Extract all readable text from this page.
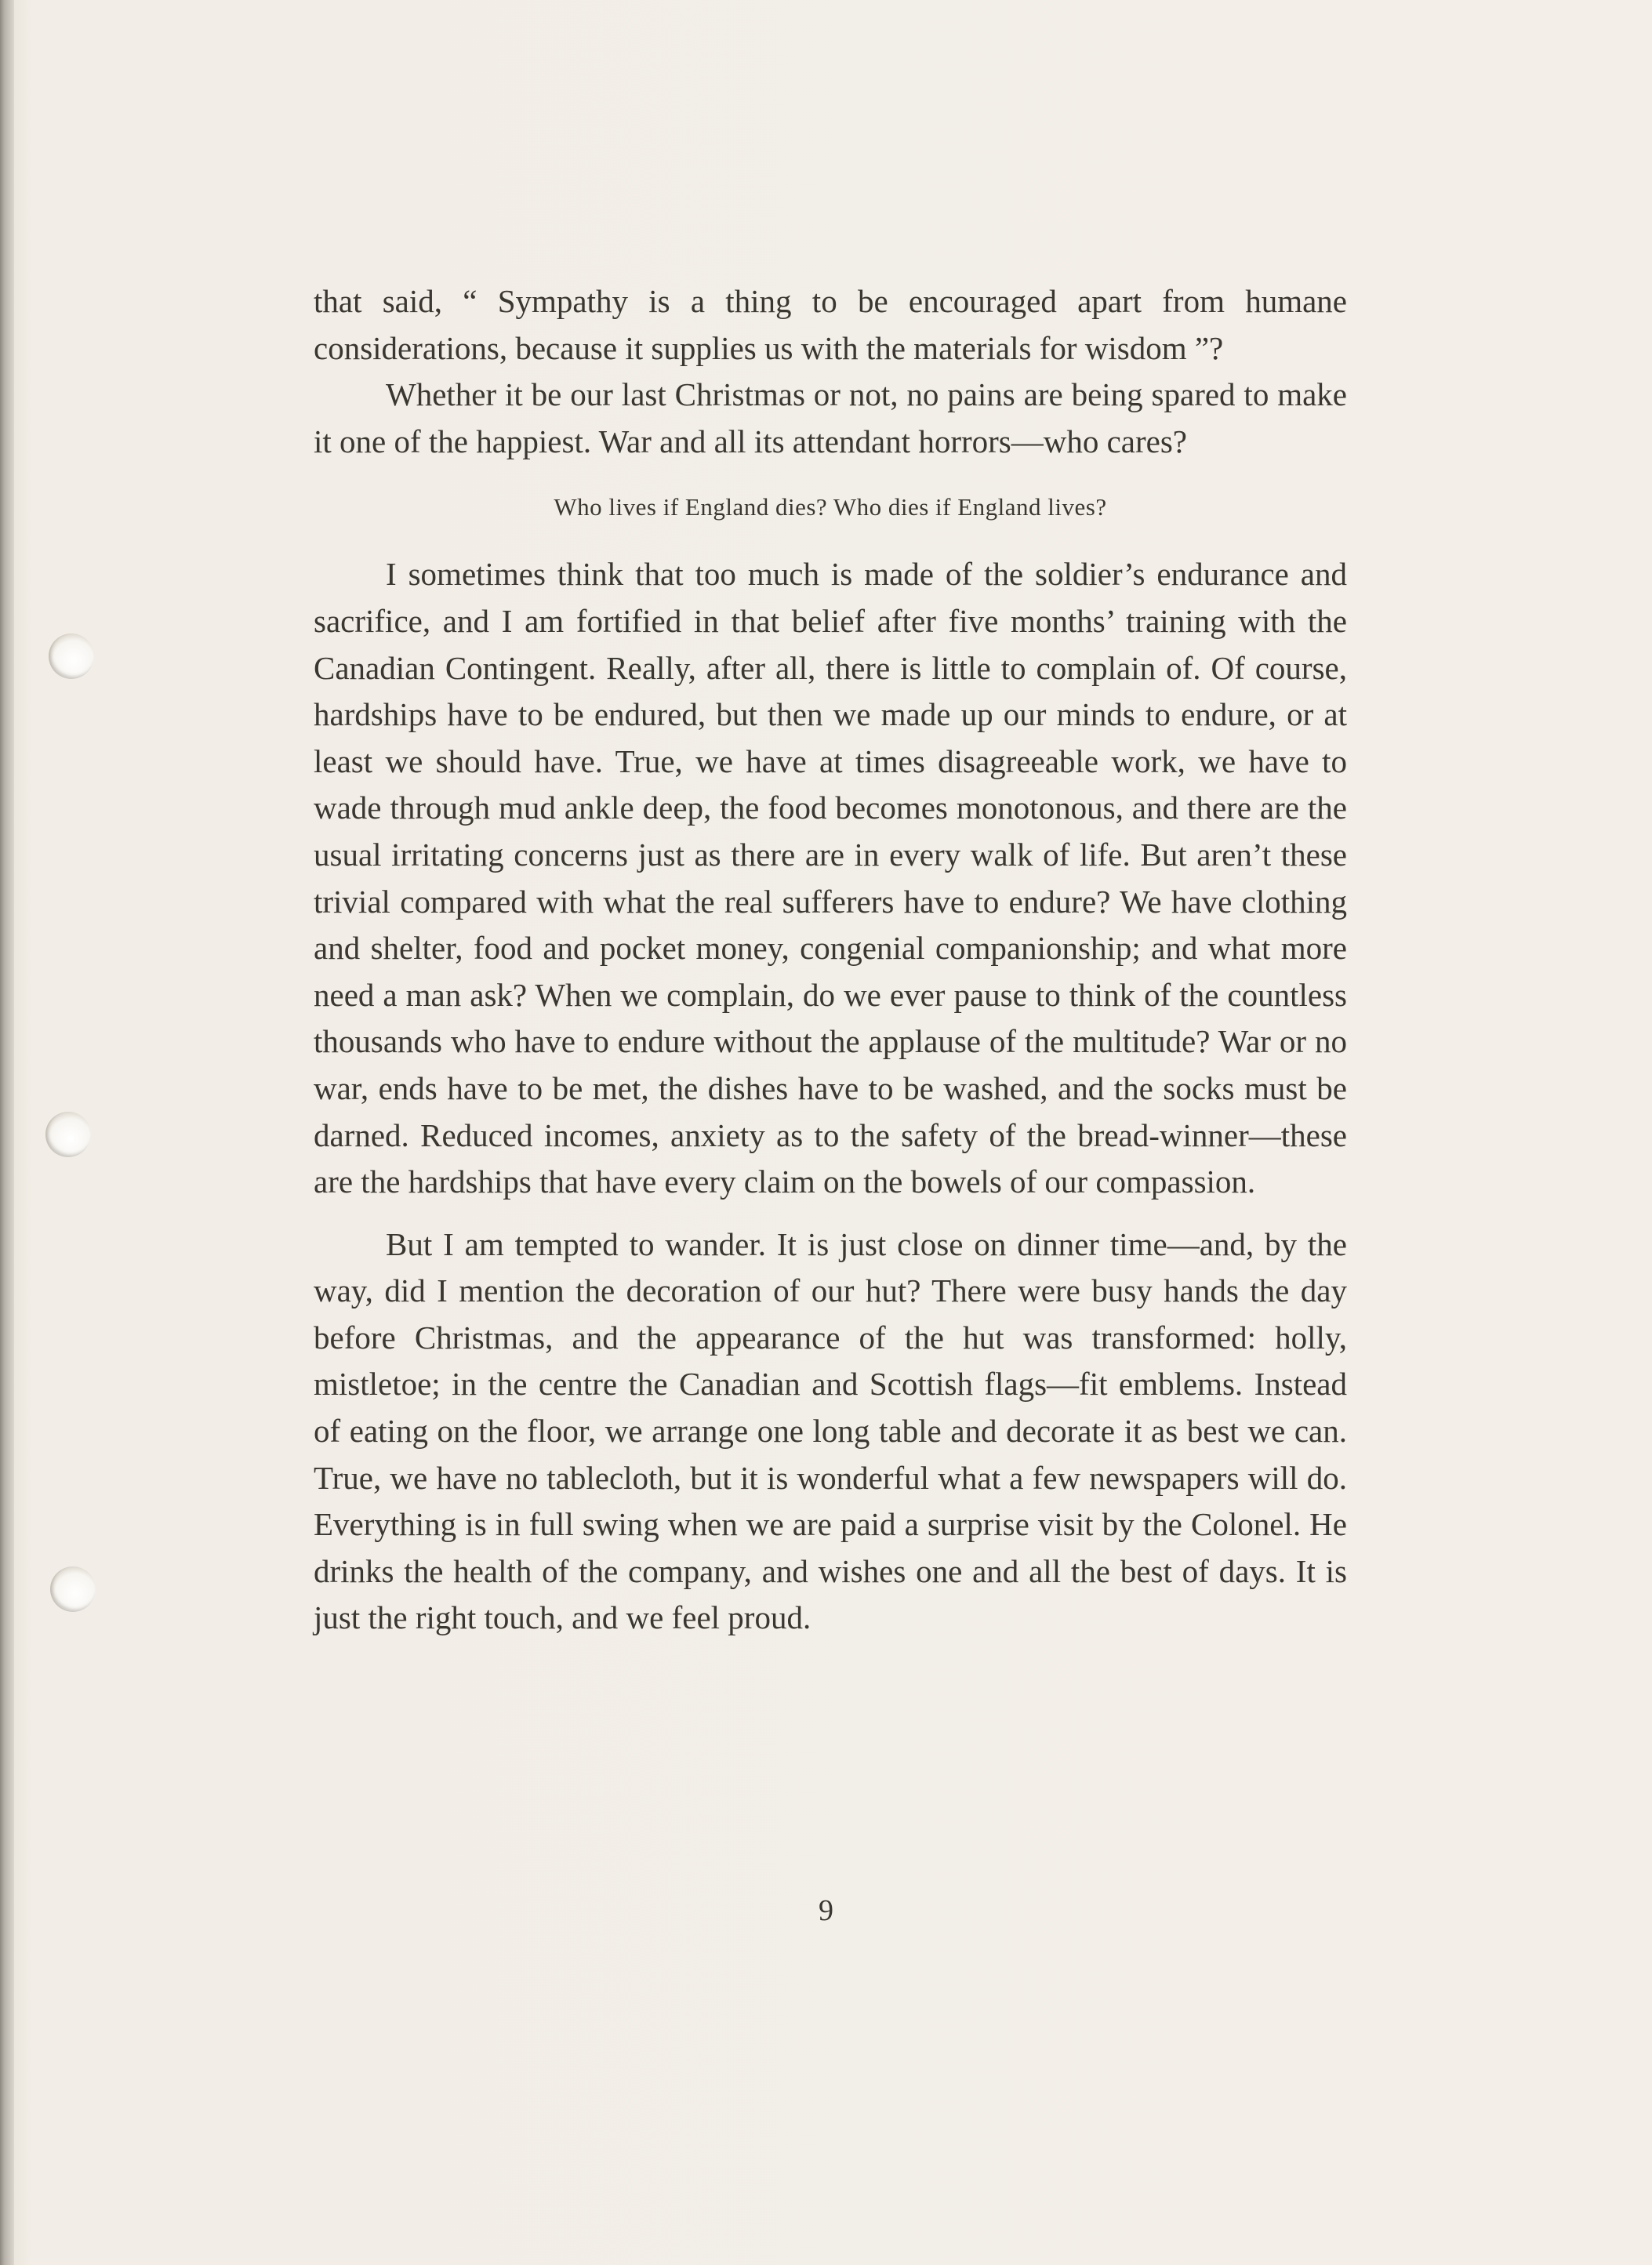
that said, “ Sympathy is a thing to be encouraged apart from humane considerations, because it supplies us with the materials for wisdom ”?

Whether it be our last Christmas or not, no pains are being spared to make it one of the happiest. War and all its attendant horrors—who cares?

Who lives if England dies? Who dies if England lives?

I sometimes think that too much is made of the soldier’s endurance and sacrifice, and I am fortified in that belief after five months’ training with the Canadian Contingent. Really, after all, there is little to complain of. Of course, hardships have to be endured, but then we made up our minds to endure, or at least we should have. True, we have at times disagreeable work, we have to wade through mud ankle deep, the food becomes monotonous, and there are the usual irritating concerns just as there are in every walk of life. But aren’t these trivial compared with what the real sufferers have to endure? We have clothing and shelter, food and pocket money, congenial companionship; and what more need a man ask? When we complain, do we ever pause to think of the countless thousands who have to endure without the applause of the multitude? War or no war, ends have to be met, the dishes have to be washed, and the socks must be darned. Reduced incomes, anxiety as to the safety of the bread-winner—these are the hardships that have every claim on the bowels of our compassion.

But I am tempted to wander. It is just close on dinner time—and, by the way, did I mention the decoration of our hut? There were busy hands the day before Christmas, and the appearance of the hut was transformed: holly, mistletoe; in the centre the Canadian and Scottish flags—fit emblems. Instead of eating on the floor, we arrange one long table and decorate it as best we can. True, we have no tablecloth, but it is wonderful what a few newspapers will do. Everything is in full swing when we are paid a surprise visit by the Colonel. He drinks the health of the company, and wishes one and all the best of days. It is just the right touch, and we feel proud.

9
